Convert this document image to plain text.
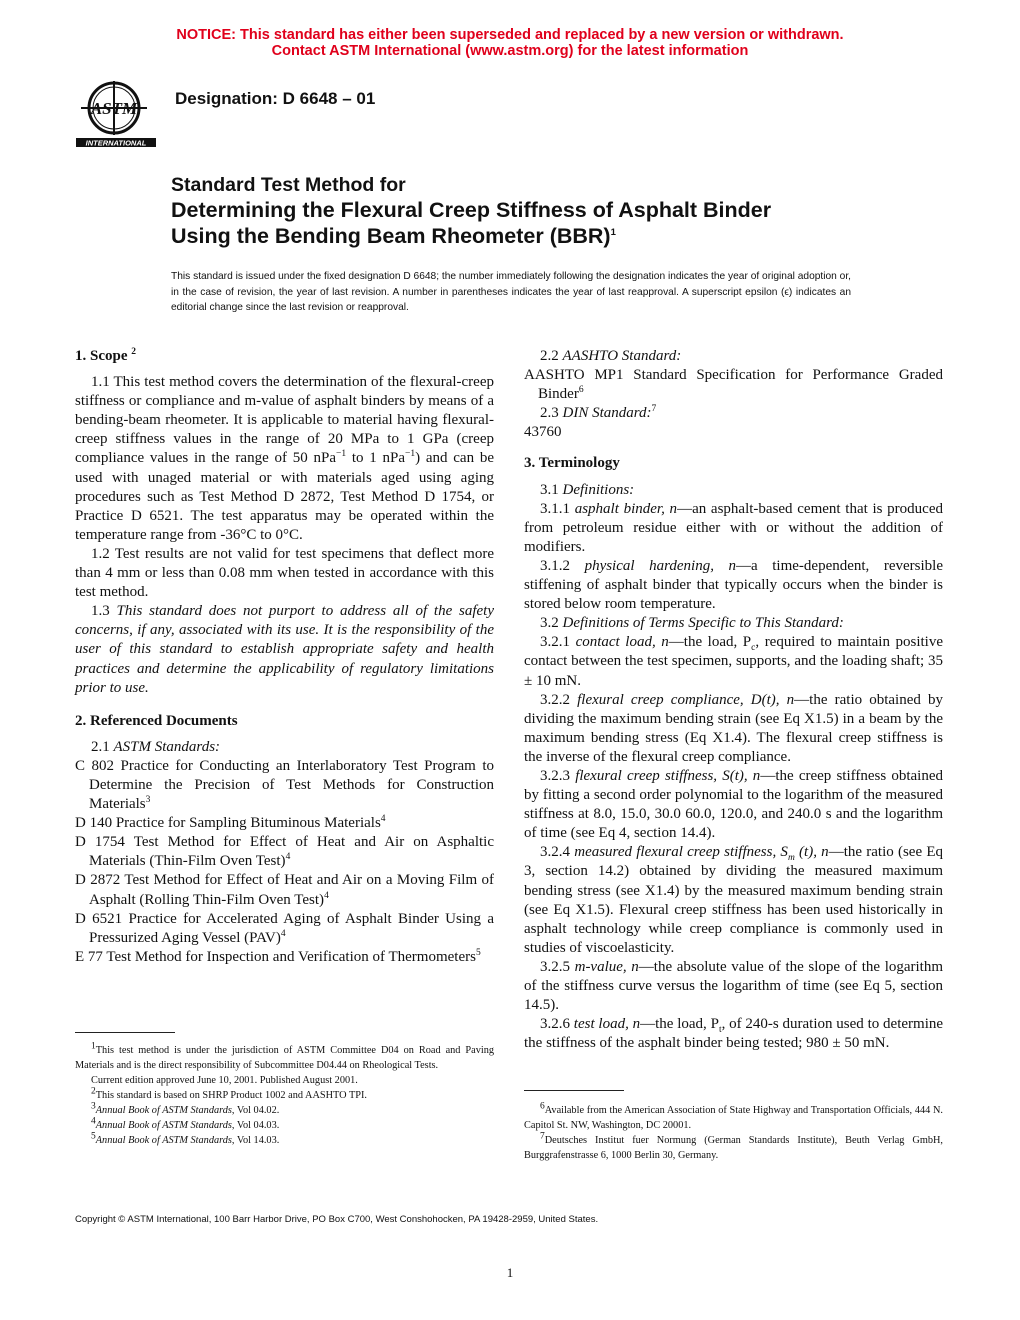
NOTICE: This standard has either been superseded and replaced by a new version or withdrawn.
Contact ASTM International (www.astm.org) for the latest information
ASTM
INTERNATIONAL
Designation: D 6648 – 01
Standard Test Method for
Determining the Flexural Creep Stiffness of Asphalt Binder
Using the Bending Beam Rheometer (BBR)$^1$
This standard is issued under the fixed designation D 6648; the number immediately following the designation indicates the year of original adoption or, in the case of revision, the year of last revision. A number in parentheses indicates the year of last reapproval. A superscript epsilon (ϵ) indicates an editorial change since the last revision or reapproval.

1. Scope $^2$

1.1 This test method covers the determination of the flexural-creep stiffness or compliance and m-value of asphalt binders by means of a bending-beam rheometer. It is applicable to material having flexural-creep stiffness values in the range of 20 MPa to 1 GPa (creep compliance values in the range of 50 nPa$^{-1}$ to 1 nPa$^{-1}$) and can be used with unaged material or with materials aged using aging procedures such as Test Method D 2872, Test Method D 1754, or Practice D 6521. The test apparatus may be operated within the temperature range from -36°C to 0°C.

1.2 Test results are not valid for test specimens that deflect more than 4 mm or less than 0.08 mm when tested in accordance with this test method.

1.3 This standard does not purport to address all of the safety concerns, if any, associated with its use. It is the responsibility of the user of this standard to establish appropriate safety and health practices and determine the applicability of regulatory limitations prior to use.

2. Referenced Documents

2.1 ASTM Standards:

C 802 Practice for Conducting an Interlaboratory Test Program to Determine the Precision of Test Methods for Construction Materials$^3$

D 140 Practice for Sampling Bituminous Materials$^4$

D 1754 Test Method for Effect of Heat and Air on Asphaltic Materials (Thin-Film Oven Test)$^4$

D 2872 Test Method for Effect of Heat and Air on a Moving Film of Asphalt (Rolling Thin-Film Oven Test)$^4$

D 6521 Practice for Accelerated Aging of Asphalt Binder Using a Pressurized Aging Vessel (PAV)$^4$

E 77 Test Method for Inspection and Verification of Thermometers$^5$

2.2 AASHTO Standard:

AASHTO MP1 Standard Specification for Performance Graded Binder$^6$

2.3 DIN Standard:$^7$

43760

3. Terminology

3.1 Definitions:

3.1.1 asphalt binder, n—an asphalt-based cement that is produced from petroleum residue either with or without the addition of modifiers.

3.1.2 physical hardening, n—a time-dependent, reversible stiffening of asphalt binder that typically occurs when the binder is stored below room temperature.

3.2 Definitions of Terms Specific to This Standard:

3.2.1 contact load, n—the load, $P_c$, required to maintain positive contact between the test specimen, supports, and the loading shaft; 35 ± 10 mN.

3.2.2 flexural creep compliance, D(t), n—the ratio obtained by dividing the maximum bending strain (see Eq X1.5) in a beam by the maximum bending stress (Eq X1.4). The flexural creep stiffness is the inverse of the flexural creep compliance.

3.2.3 flexural creep stiffness, S(t), n—the creep stiffness obtained by fitting a second order polynomial to the logarithm of the measured stiffness at 8.0, 15.0, 30.0 60.0, 120.0, and 240.0 s and the logarithm of time (see Eq 4, section 14.4).

3.2.4 measured flexural creep stiffness, $S_m$ (t), n—the ratio (see Eq 3, section 14.2) obtained by dividing the measured maximum bending stress (see X1.4) by the measured maximum bending strain (see Eq X1.5). Flexural creep stiffness has been used historically in asphalt technology while creep compliance is commonly used in studies of viscoelasticity.

3.2.5 m-value, n—the absolute value of the slope of the logarithm of the stiffness curve versus the logarithm of time (see Eq 5, section 14.5).

3.2.6 test load, n—the load, $P_t$, of 240-s duration used to determine the stiffness of the asphalt binder being tested; 980 ± 50 mN.

1This test method is under the jurisdiction of ASTM Committee D04 on Road and Paving Materials and is the direct responsibility of Subcommittee D04.44 on Rheological Tests.

Current edition approved June 10, 2001. Published August 2001.

2This standard is based on SHRP Product 1002 and AASHTO TPI.

3Annual Book of ASTM Standards, Vol 04.02.

4Annual Book of ASTM Standards, Vol 04.03.

5Annual Book of ASTM Standards, Vol 14.03.

6Available from the American Association of State Highway and Transportation Officials, 444 N. Capitol St. NW, Washington, DC 20001.

7Deutsches Institut fuer Normung (German Standards Institute), Beuth Verlag GmbH, Burggrafenstrasse 6, 1000 Berlin 30, Germany.

Copyright © ASTM International, 100 Barr Harbor Drive, PO Box C700, West Conshohocken, PA 19428-2959, United States.
1
